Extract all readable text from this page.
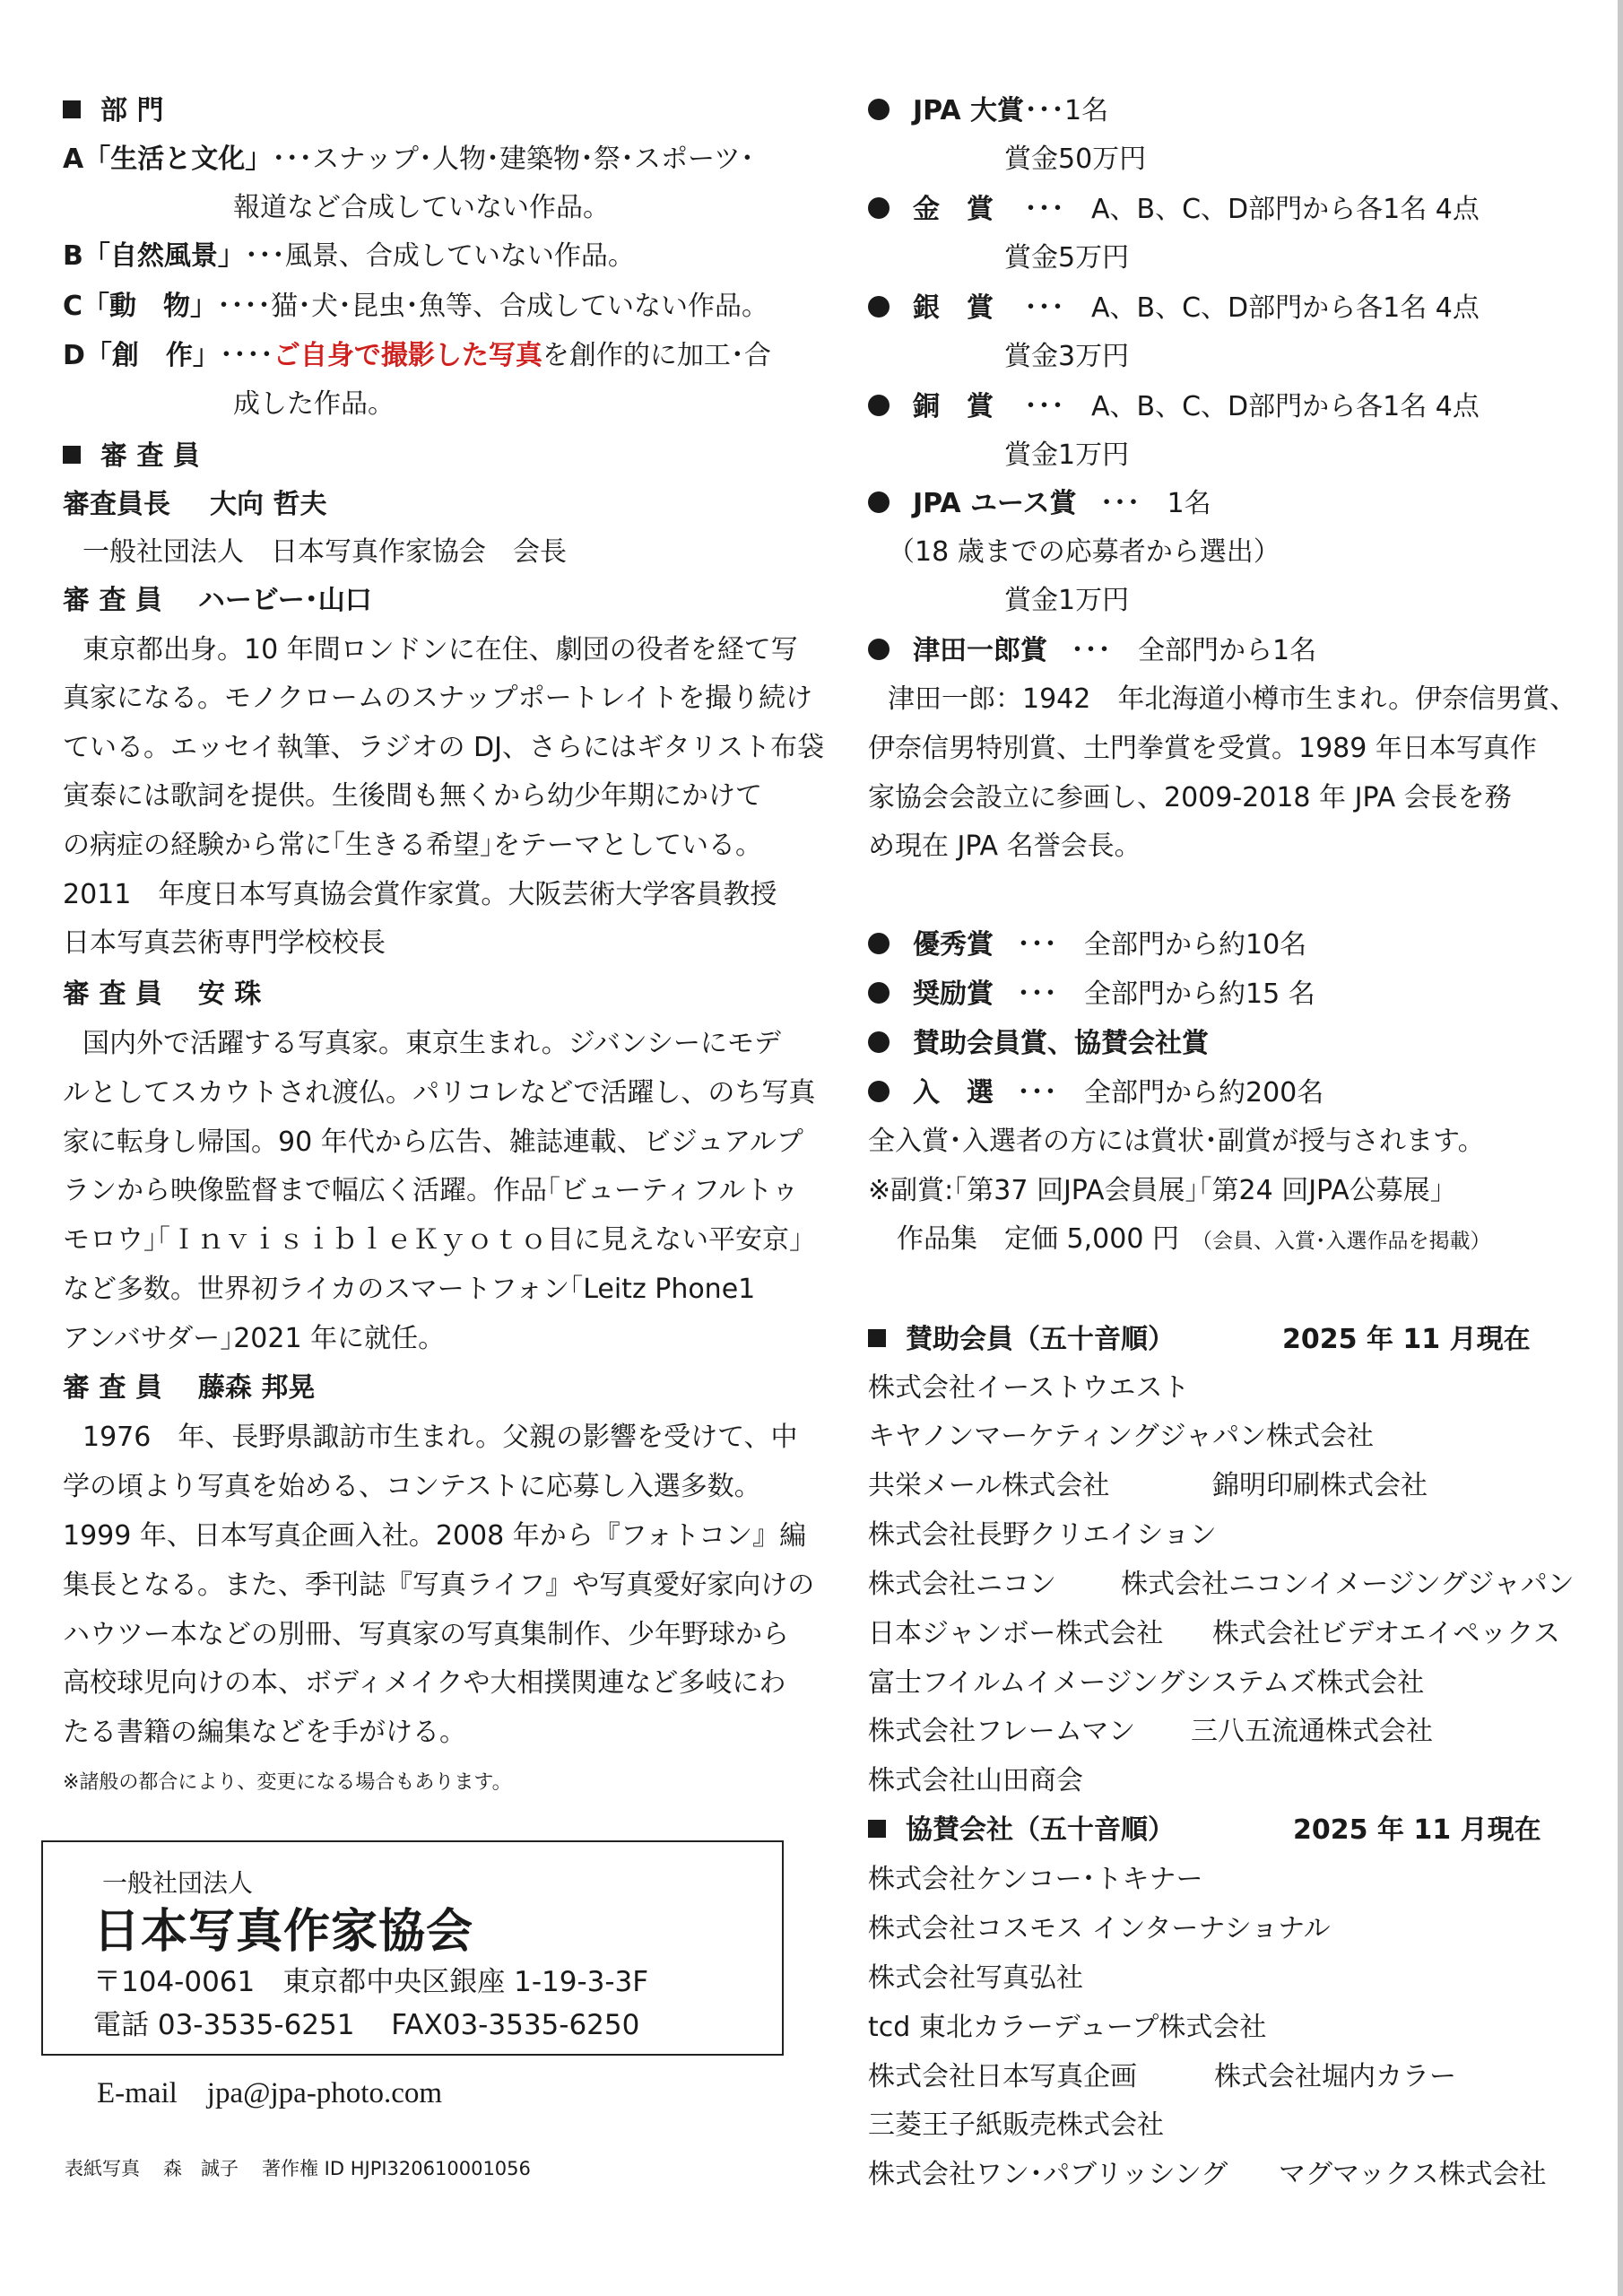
部 門
A「生活と文化」･･･スナップ･人物･建築物･祭･スポーツ･
報道など合成していない作品。
B「自然風景」･･･風景、合成していない作品。
C「動　物」････猫･犬･昆虫･魚等、合成していない作品。
D「創　作」････ご自身で撮影した写真を創作的に加工･合
成した作品。
審 査 員
審査員長 大向 哲夫
一般社団法人　日本写真作家協会　会長
審 査 員 ハービー･山口
東京都出身。10 年間ロンドンに在住、劇団の役者を経て写
真家になる。モノクロームのスナップポートレイトを撮り続け
ている。エッセイ執筆、ラジオの DJ、さらにはギタリスト布袋
寅泰には歌詞を提供。生後間も無くから幼少年期にかけて
の病症の経験から常に｢生きる希望｣をテーマとしている。
2011　年度日本写真協会賞作家賞。大阪芸術大学客員教授
日本写真芸術専門学校校長
審 査 員 安 珠
国内外で活躍する写真家。東京生まれ。ジバンシーにモデ
ルとしてスカウトされ渡仏。パリコレなどで活躍し、のち写真
家に転身し帰国。90 年代から広告、雑誌連載、ビジュアルプ
ランから映像監督まで幅広く活躍。作品｢ビューティフルトゥ
モロウ｣｢ＩｎｖｉｓｉｂｌｅＫｙｏｔｏ目に見えない平安京｣
など多数。世界初ライカのスマートフォン｢Leitz Phone1
アンバサダー｣2021 年に就任。
審 査 員 藤森 邦晃
1976　年、長野県諏訪市生まれ。父親の影響を受けて、中
学の頃より写真を始める、コンテストに応募し入選多数。
1999 年、日本写真企画入社。2008 年から『フォトコン』編
集長となる。また、季刊誌『写真ライフ』や写真愛好家向けの
ハウツー本などの別冊、写真家の写真集制作、少年野球から
高校球児向けの本、ボディメイクや大相撲関連など多岐にわ
たる書籍の編集などを手がける。
※諸般の都合により、変更になる場合もあります。
一般社団法人
日本写真作家協会
〒104-0061　東京都中央区銀座 1-19-3-3F
電話 03-3535-6251　 FAX03-3535-6250
E-mail　jpa@jpa-photo.com
表紙写真 森　誠子 著作権 ID HJPI320610001056
JPA 大賞･･･1名
賞金50万円
金　賞 ･･･　A、B、C、D部門から各1名 4点
賞金5万円
銀　賞 ･･･　A、B、C、D部門から各1名 4点
賞金3万円
銅　賞 ･･･　A、B、C、D部門から各1名 4点
賞金1万円
JPA ユース賞 ･･･　1名
（18 歳までの応募者から選出）
賞金1万円
津田一郎賞 ･･･　全部門から1名
津田一郎：1942　年北海道小樽市生まれ。伊奈信男賞、
伊奈信男特別賞、土門拳賞を受賞。1989 年日本写真作
家協会会設立に参画し、2009-2018 年 JPA 会長を務
め現在 JPA 名誉会長。
優秀賞 ･･･　全部門から約10名
奨励賞 ･･･　全部門から約15 名
賛助会員賞、協賛会社賞
入　選 ･･･　全部門から約200名
全入賞･入選者の方には賞状･副賞が授与されます。
※副賞:｢第37 回JPA会員展｣｢第24 回JPA公募展｣
作品集　定価 5,000 円 （会員、入賞･入選作品を掲載）
賛助会員（五十音順）	2025 年 11 月現在
株式会社イーストウエスト
キヤノンマーケティングジャパン株式会社
共栄メール株式会社	錦明印刷株式会社
株式会社長野クリエイション
株式会社ニコン 株式会社ニコンイメージングジャパン
日本ジャンボー株式会社 株式会社ビデオエイペックス
富士フイルムイメージングシステムズ株式会社
株式会社フレームマン 三八五流通株式会社
株式会社山田商会
協賛会社（五十音順）	2025 年 11 月現在
株式会社ケンコー･トキナー
株式会社コスモス インターナショナル
株式会社写真弘社
tcd 東北カラーデュープ株式会社
株式会社日本写真企画	株式会社堀内カラー
三菱王子紙販売株式会社
株式会社ワン･パブリッシング マグマックス株式会社
